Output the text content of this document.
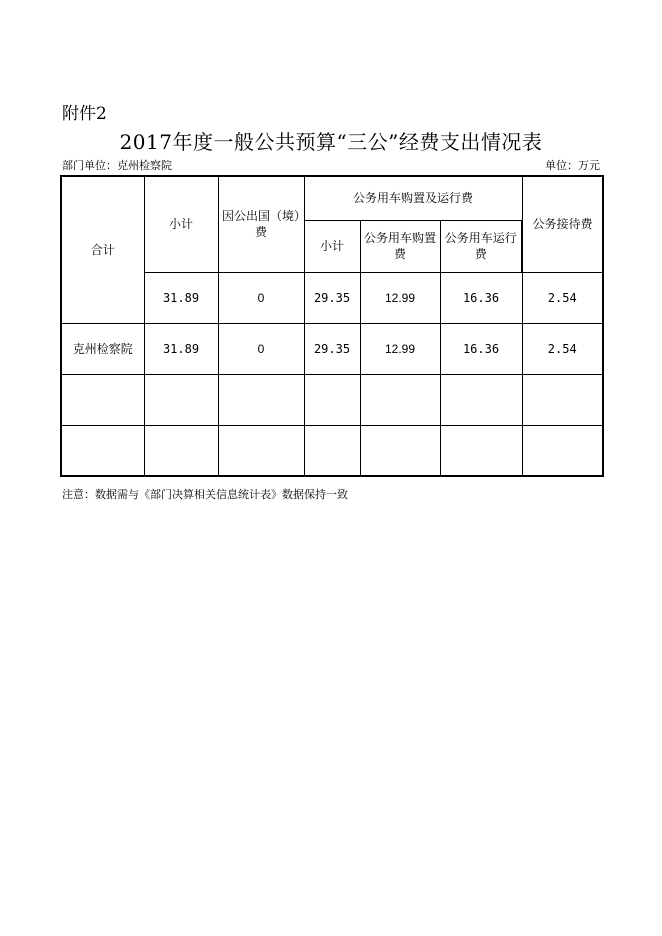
附件2
2017年度一般公共预算“三公”经费支出情况表
部门单位：克州检察院	单位：万元
合计	小计	因公出国（境）费	公务用车购置及运行费			公务接待费
			小计	公务用车购置费	公务用车运行费	
	31.89	0	29.35	12.99	16.36	2.54
克州检察院	31.89	0	29.35	12.99	16.36	2.54

注意：数据需与《部门决算相关信息统计表》数据保持一致
